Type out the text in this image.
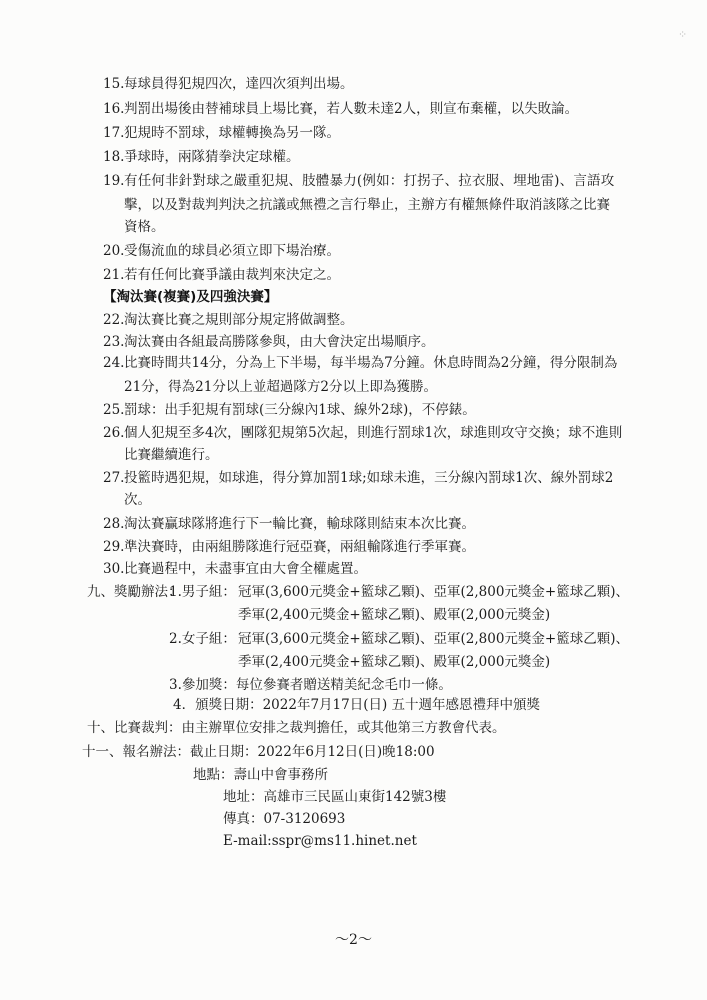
⁘
15. 每球員得犯規四次，達四次須判出場。
16. 判罰出場後由替補球員上場比賽，若人數未達2人，則宣布棄權，以失敗論。
17. 犯規時不罰球，球權轉換為另一隊。
18. 爭球時，兩隊猜拳決定球權。
19. 有任何非針對球之嚴重犯規、肢體暴力(例如：打拐子、拉衣服、埋地雷)、言語攻
擊，以及對裁判判決之抗議或無禮之言行舉止，主辦方有權無條件取消該隊之比賽
資格。
20. 受傷流血的球員必須立即下場治療。
21. 若有任何比賽爭議由裁判來決定之。
【淘汰賽(複賽)及四強決賽】
22. 淘汰賽比賽之規則部分規定將做調整。
23. 淘汰賽由各組最高勝隊參與，由大會決定出場順序。
24. 比賽時間共14分，分為上下半場，每半場為7分鐘。休息時間為2分鐘，得分限制為
21分，得為21分以上並超過隊方2分以上即為獲勝。
25. 罰球：出手犯規有罰球(三分線內1球、線外2球)，不停錶。
26. 個人犯規至多4次，團隊犯規第5次起，則進行罰球1次，球進則攻守交換；球不進則
比賽繼續進行。
27. 投籃時遇犯規，如球進，得分算加罰1球;如球未進，三分線內罰球1次、線外罰球2
次。
28. 淘汰賽贏球隊將進行下一輪比賽，輸球隊則結束本次比賽。
29. 準決賽時，由兩組勝隊進行冠亞賽，兩組輸隊進行季軍賽。
30. 比賽過程中，未盡事宜由大會全權處置。
九、獎勵辦法：
1.男子組： 冠軍(3,600元獎金+籃球乙顆)、亞軍(2,800元獎金+籃球乙顆)、
季軍(2,400元獎金+籃球乙顆)、殿軍(2,000元獎金)
2.女子組： 冠軍(3,600元獎金+籃球乙顆)、亞軍(2,800元獎金+籃球乙顆)、
季軍(2,400元獎金+籃球乙顆)、殿軍(2,000元獎金)
3.參加獎：每位參賽者贈送精美紀念毛巾一條。
4．頒獎日期：2022年7月17日(日) 五十週年感恩禮拜中頒獎
十、比賽裁判：由主辦單位安排之裁判擔任，或其他第三方教會代表。
十一、報名辦法：截止日期：2022年6月12日(日)晚18:00
地點：壽山中會事務所
地址：高雄市三民區山東街142號3樓
傳真：07-3120693
E-mail:sspr@ms11.hinet.net
～2～
